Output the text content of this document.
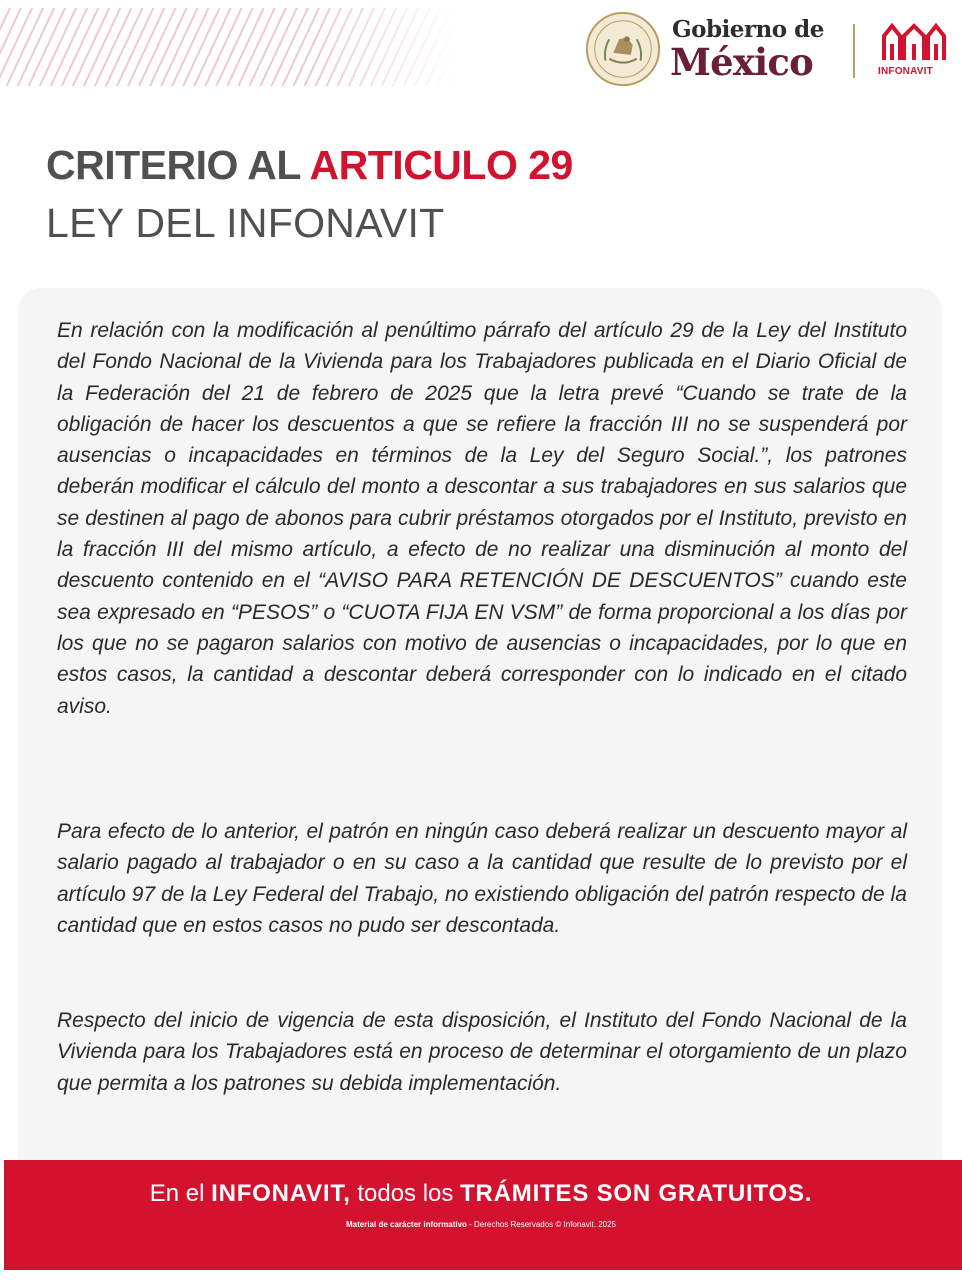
Gobierno de
México	INFONAVIT
CRITERIO AL ARTICULO 29
LEY DEL INFONAVIT

En relación con la modificación al penúltimo párrafo del artículo 29 de la Ley del Instituto del Fondo Nacional de la Vivienda para los Trabajadores publicada en el Diario Oficial de la Federación del 21 de febrero de 2025 que la letra prevé “Cuando se trate de la obligación de hacer los descuentos a que se refiere la fracción III no se suspenderá por ausencias o incapacidades en términos de la Ley del Seguro Social.”, los patrones deberán modificar el cálculo del monto a descontar a sus trabajadores en sus salarios que se destinen al pago de abonos para cubrir préstamos otorgados por el Instituto, previsto en la fracción III del mismo artículo, a efecto de no realizar una disminución al monto del descuento contenido en el “AVISO PARA RETENCIÓN DE DESCUENTOS” cuando este sea expresado en “PESOS” o “CUOTA FIJA EN VSM” de forma proporcional a los días por los que no se pagaron salarios con motivo de ausencias o incapacidades, por lo que en estos casos, la cantidad a descontar deberá corresponder con lo indicado en el citado aviso.

Para efecto de lo anterior, el patrón en ningún caso deberá realizar un descuento mayor al salario pagado al trabajador o en su caso a la cantidad que resulte de lo previsto por el artículo 97 de la Ley Federal del Trabajo, no existiendo obligación del patrón respecto de la cantidad que en estos casos no pudo ser descontada.

Respecto del inicio de vigencia de esta disposición, el Instituto del Fondo Nacional de la Vivienda para los Trabajadores está en proceso de determinar el otorgamiento de un plazo que permita a los patrones su debida implementación.

En el INFONAVIT, todos los TRÁMITES SON GRATUITOS.

Material de carácter informativo - Derechos Reservados © Infonavit. 2025
